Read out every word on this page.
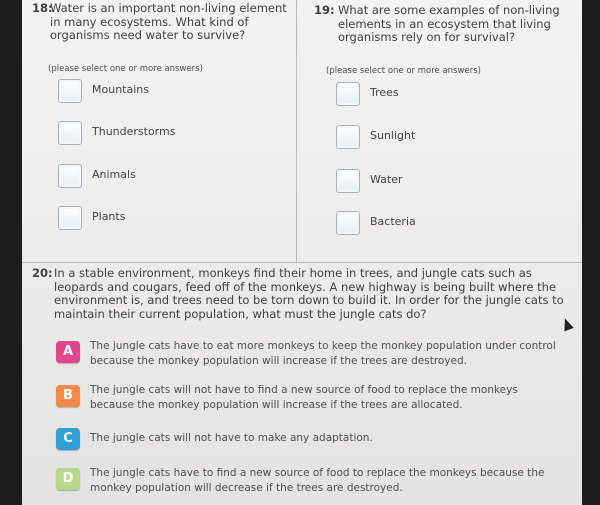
18:
Water is an important non-living element in many ecosystems. What kind of organisms need water to survive?
(please select one or more answers)
Mountains
Thunderstorms
Animals
Plants
19: What are some examples of non-living elements in an ecosystem that living organisms rely on for survival?
(please select one or more answers)
Trees
Sunlight
Water
Bacteria
20: In a stable environment, monkeys find their home in trees, and jungle cats such as leopards and cougars, feed off of the monkeys. A new highway is being built where the environment is, and trees need to be torn down to build it. In order for the jungle cats to maintain their current population, what must the jungle cats do?
A	The jungle cats have to eat more monkeys to keep the monkey population under control because the monkey population will increase if the trees are destroyed.
B	The jungle cats will not have to find a new source of food to replace the monkeys because the monkey population will increase if the trees are allocated.
C	The jungle cats will not have to make any adaptation.
D	The jungle cats have to find a new source of food to replace the monkeys because the monkey population will decrease if the trees are destroyed.
